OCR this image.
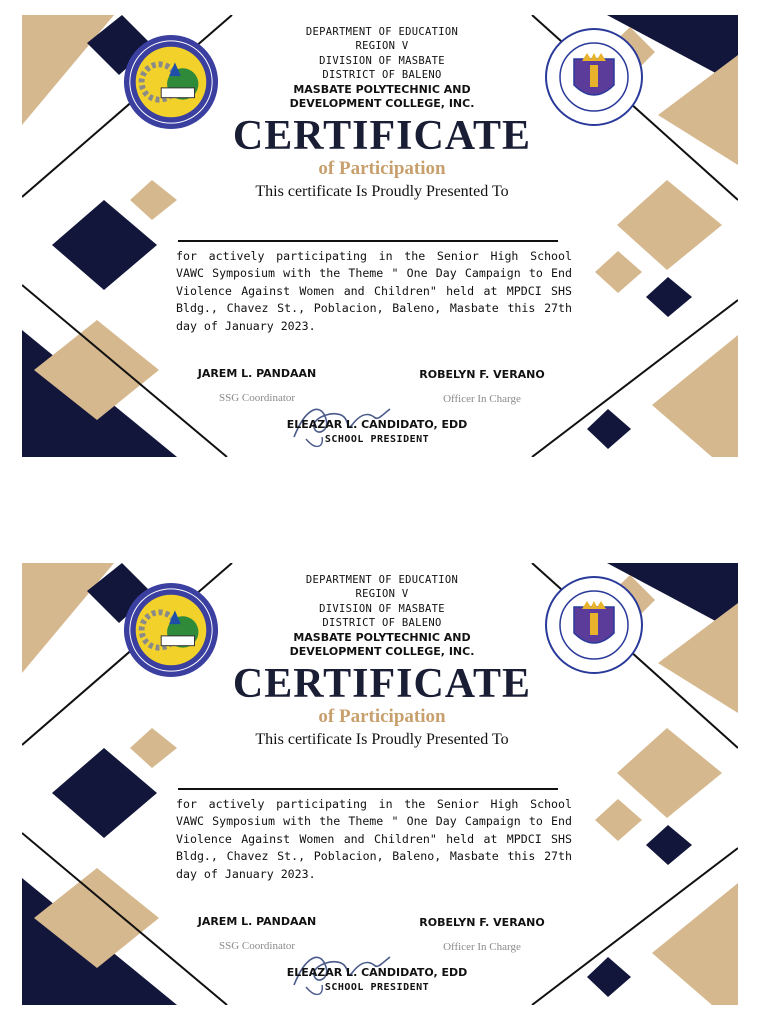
DEPARTMENT OF EDUCATION
REGION V
DIVISION OF MASBATE
DISTRICT OF BALENO
MASBATE POLYTECHNIC AND
DEVELOPMENT COLLEGE, INC.
CERTIFICATE
of Participation
This certificate Is Proudly Presented To
for actively participating in the Senior High School VAWC Symposium with the Theme " One Day Campaign to End Violence Against Women and Children" held at MPDCI SHS Bldg., Chavez St., Poblacion, Baleno, Masbate this 27th day of January 2023.
JAREM L. PANDAAN
SSG Coordinator
ROBELYN F. VERANO
Officer In Charge
ELEAZAR L. CANDIDATO, EDD
SCHOOL PRESIDENT
DEPARTMENT OF EDUCATION
REGION V
DIVISION OF MASBATE
DISTRICT OF BALENO
MASBATE POLYTECHNIC AND
DEVELOPMENT COLLEGE, INC.
CERTIFICATE
of Participation
This certificate Is Proudly Presented To
for actively participating in the Senior High School VAWC Symposium with the Theme " One Day Campaign to End Violence Against Women and Children" held at MPDCI SHS Bldg., Chavez St., Poblacion, Baleno, Masbate this 27th day of January 2023.
JAREM L. PANDAAN
SSG Coordinator
ROBELYN F. VERANO
Officer In Charge
ELEAZAR L. CANDIDATO, EDD
SCHOOL PRESIDENT
